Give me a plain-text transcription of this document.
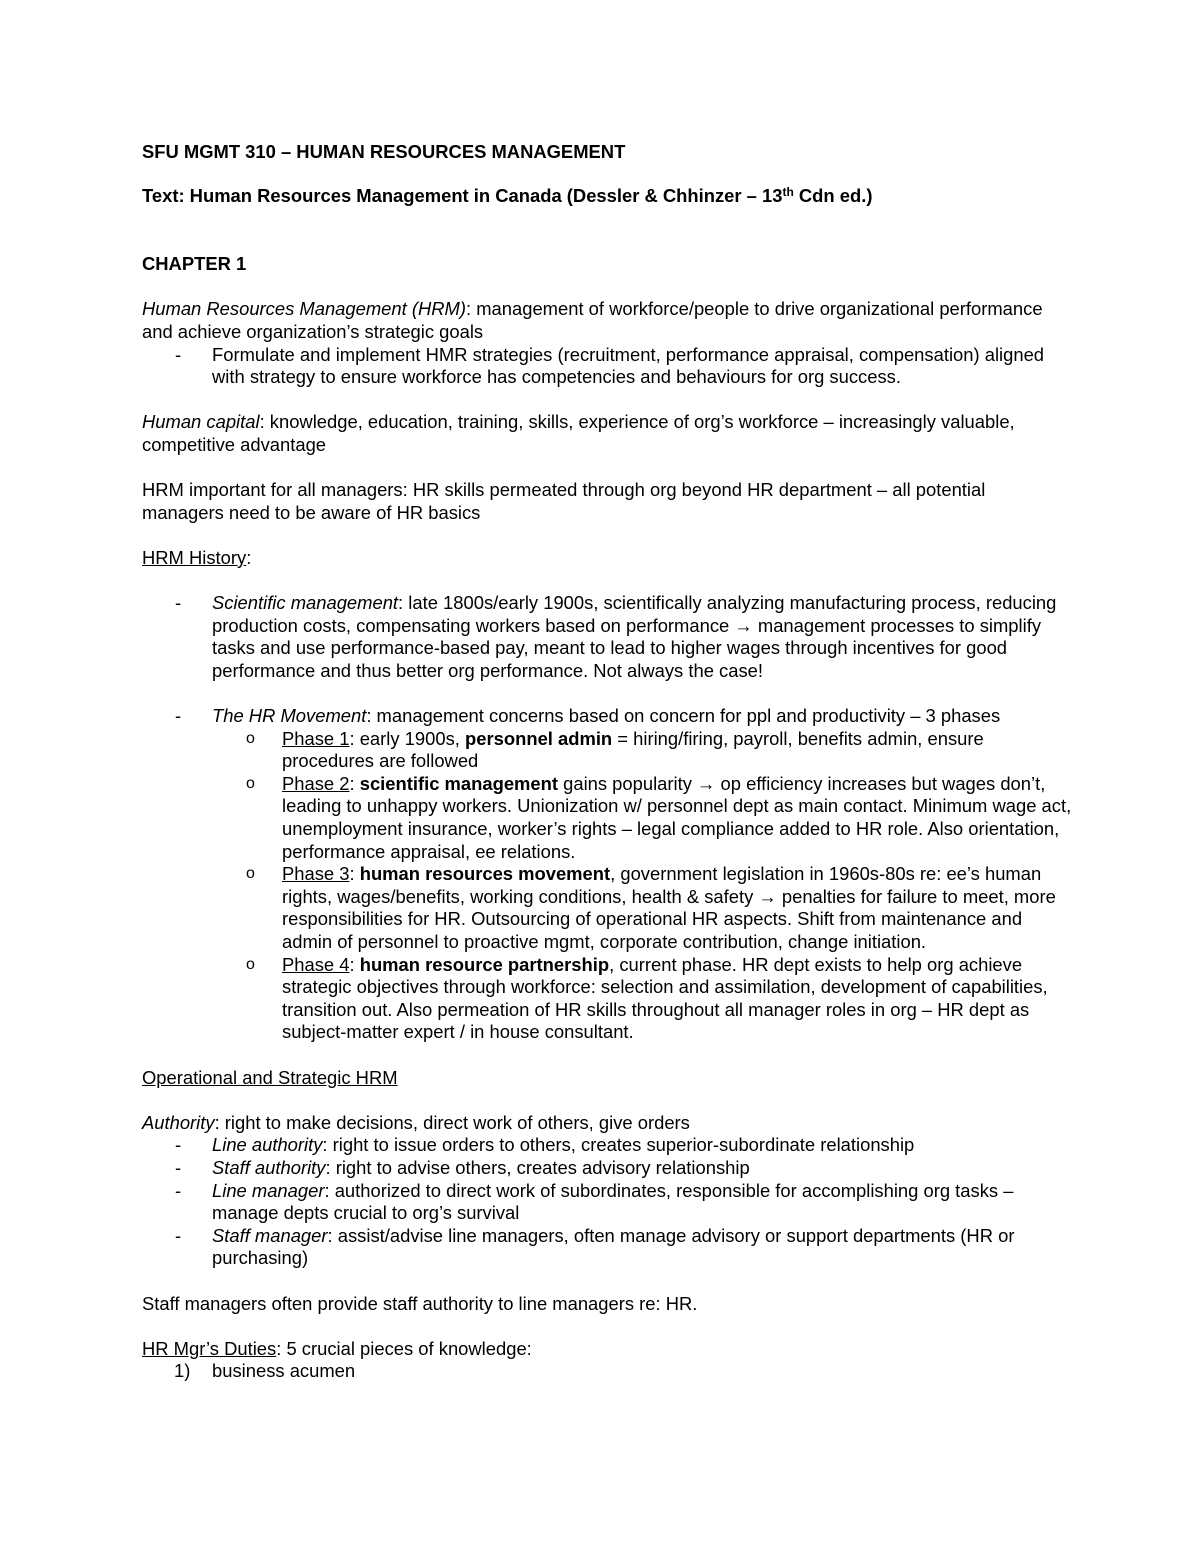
SFU MGMT 310 – HUMAN RESOURCES MANAGEMENT

Text: Human Resources Management in Canada (Dessler & Chhinzer – 13th Cdn ed.)

CHAPTER 1

Human Resources Management (HRM): management of workforce/people to drive organizational performance and achieve organization’s strategic goals

- Formulate and implement HMR strategies (recruitment, performance appraisal, compensation) aligned with strategy to ensure workforce has competencies and behaviours for org success.

Human capital: knowledge, education, training, skills, experience of org’s workforce – increasingly valuable, competitive advantage

HRM important for all managers: HR skills permeated through org beyond HR department – all potential managers need to be aware of HR basics

HRM History:

- Scientific management: late 1800s/early 1900s, scientifically analyzing manufacturing process, reducing production costs, compensating workers based on performance → management processes to simplify tasks and use performance-based pay, meant to lead to higher wages through incentives for good performance and thus better org performance. Not always the case!
- The HR Movement: management concerns based on concern for ppl and productivity – 3 phases
o Phase 1: early 1900s, personnel admin = hiring/firing, payroll, benefits admin, ensure procedures are followed
o Phase 2: scientific management gains popularity → op efficiency increases but wages don’t, leading to unhappy workers. Unionization w/ personnel dept as main contact. Minimum wage act, unemployment insurance, worker’s rights – legal compliance added to HR role. Also orientation, performance appraisal, ee relations.
o Phase 3: human resources movement, government legislation in 1960s-80s re: ee’s human rights, wages/benefits, working conditions, health & safety → penalties for failure to meet, more responsibilities for HR. Outsourcing of operational HR aspects. Shift from maintenance and admin of personnel to proactive mgmt, corporate contribution, change initiation.
o Phase 4: human resource partnership, current phase. HR dept exists to help org achieve strategic objectives through workforce: selection and assimilation, development of capabilities, transition out. Also permeation of HR skills throughout all manager roles in org – HR dept as subject-matter expert / in house consultant.

Operational and Strategic HRM

Authority: right to make decisions, direct work of others, give orders

- Line authority: right to issue orders to others, creates superior-subordinate relationship
- Staff authority: right to advise others, creates advisory relationship
- Line manager: authorized to direct work of subordinates, responsible for accomplishing org tasks – manage depts crucial to org’s survival
- Staff manager: assist/advise line managers, often manage advisory or support departments (HR or purchasing)

Staff managers often provide staff authority to line managers re: HR.

HR Mgr’s Duties: 5 crucial pieces of knowledge:

1) business acumen
